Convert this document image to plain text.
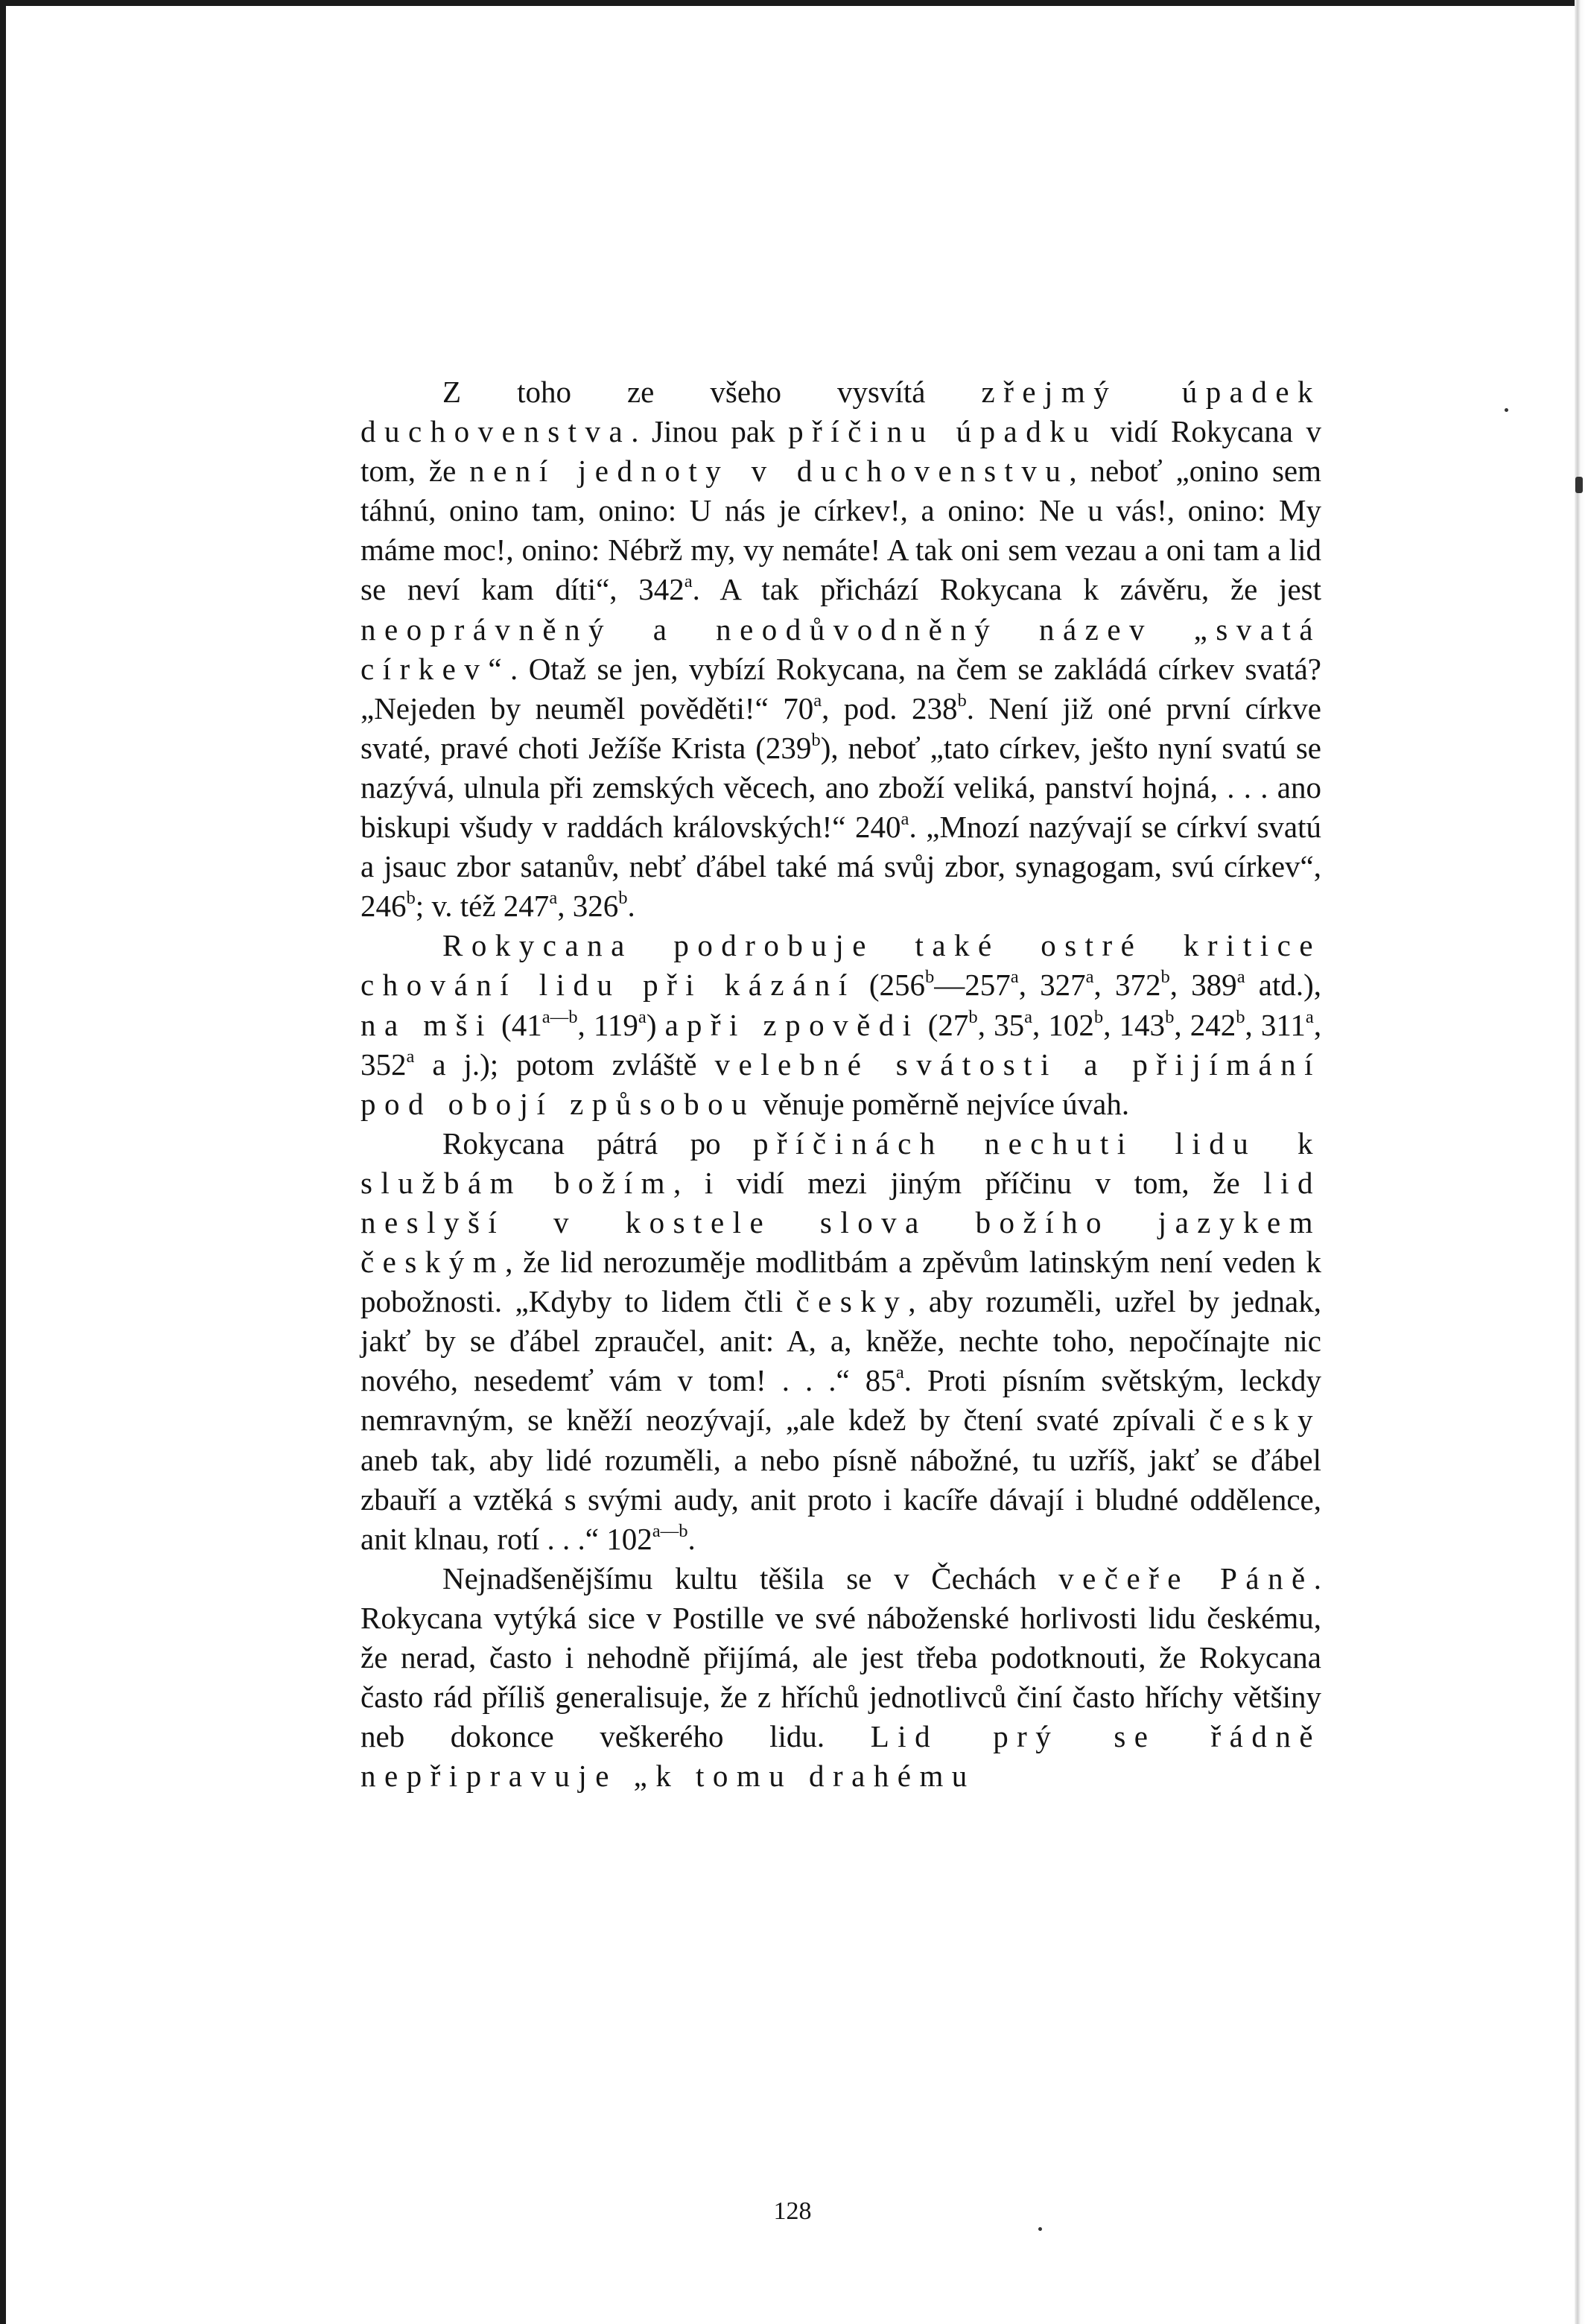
Z toho ze všeho vysvítá zřejmý úpadek duchovenstva. Jinou pak příčinu úpadku vidí Rokycana v tom, že není jednoty v duchovenstvu, neboť „onino sem táhnú, onino tam, onino: U nás je církev!, a onino: Ne u vás!, onino: My máme moc!, onino: Nébrž my, vy nemáte! A tak oni sem vezau a oni tam a lid se neví kam díti“, 342$^a$. A tak přichází Rokycana k závěru, že jest neoprávněný a neodůvodněný název „svatá církev“. Otaž se jen, vybízí Rokycana, na čem se zakládá církev svatá? „Nejeden by neuměl pověděti!“ 70$^a$, pod. 238$^b$. Není již oné první církve svaté, pravé choti Ježíše Krista (239$^b$), neboť „tato církev, ješto nyní svatú se nazývá, ulnula při zemských věcech, ano zboží veliká, panství hojná, . . . ano biskupi všudy v raddách královských!“ 240$^a$. „Mnozí nazývají se církví svatú a jsauc zbor satanův, nebť ďábel také má svůj zbor, synagogam, svú církev“, 246$^b$; v. též 247$^a$, 326$^b$.

Rokycana podrobuje také ostré kritice chování lidu při kázání (256$^b$—257$^a$, 327$^a$, 372$^b$, 389$^a$ atd.), na mši ($41^{a—b}$, 119$^a$) a při zpovědi (27$^b$, 35$^a$, 102$^b$, 143$^b$, 242$^b$, 311$^a$, 352$^a$ a j.); potom zvláště velebné svátosti a přijímání pod obojí způsobou věnuje poměrně nejvíce úvah.

Rokycana pátrá po příčinách nechuti lidu k službám božím, i vidí mezi jiným příčinu v tom, že lid neslyší v kostele slova božího jazykem českým, že lid nerozuměje modlitbám a zpěvům latinským není veden k pobožnosti. „Kdyby to lidem čtli česky, aby rozuměli, uzřel by jednak, jakť by se ďábel zpraučel, anit: A, a, kněže, nechte toho, nepočínajte nic nového, nesedemť vám v tom! . . .“ 85$^a$. Proti písním světským, leckdy nemravným, se kněží neozývají, „ale kdež by čtení svaté zpívali česky aneb tak, aby lidé rozuměli, a nebo písně nábožné, tu uzříš, jakť se ďábel zbauří a vztěká s svými audy, anit proto i kacíře dávají i bludné oddělence, anit klnau, rotí . . .“ $102^{a—b}$.

Nejnadšenějšímu kultu těšila se v Čechách večeře Páně. Rokycana vytýká sice v Postille ve své náboženské horlivosti lidu českému, že nerad, často i nehodně přijímá, ale jest třeba podotknouti, že Rokycana často rád příliš generalisuje, že z hříchů jednotlivců činí často hříchy většiny neb dokonce veškerého lidu. Lid prý se řádně nepřipravuje „k tomu drahému

128
